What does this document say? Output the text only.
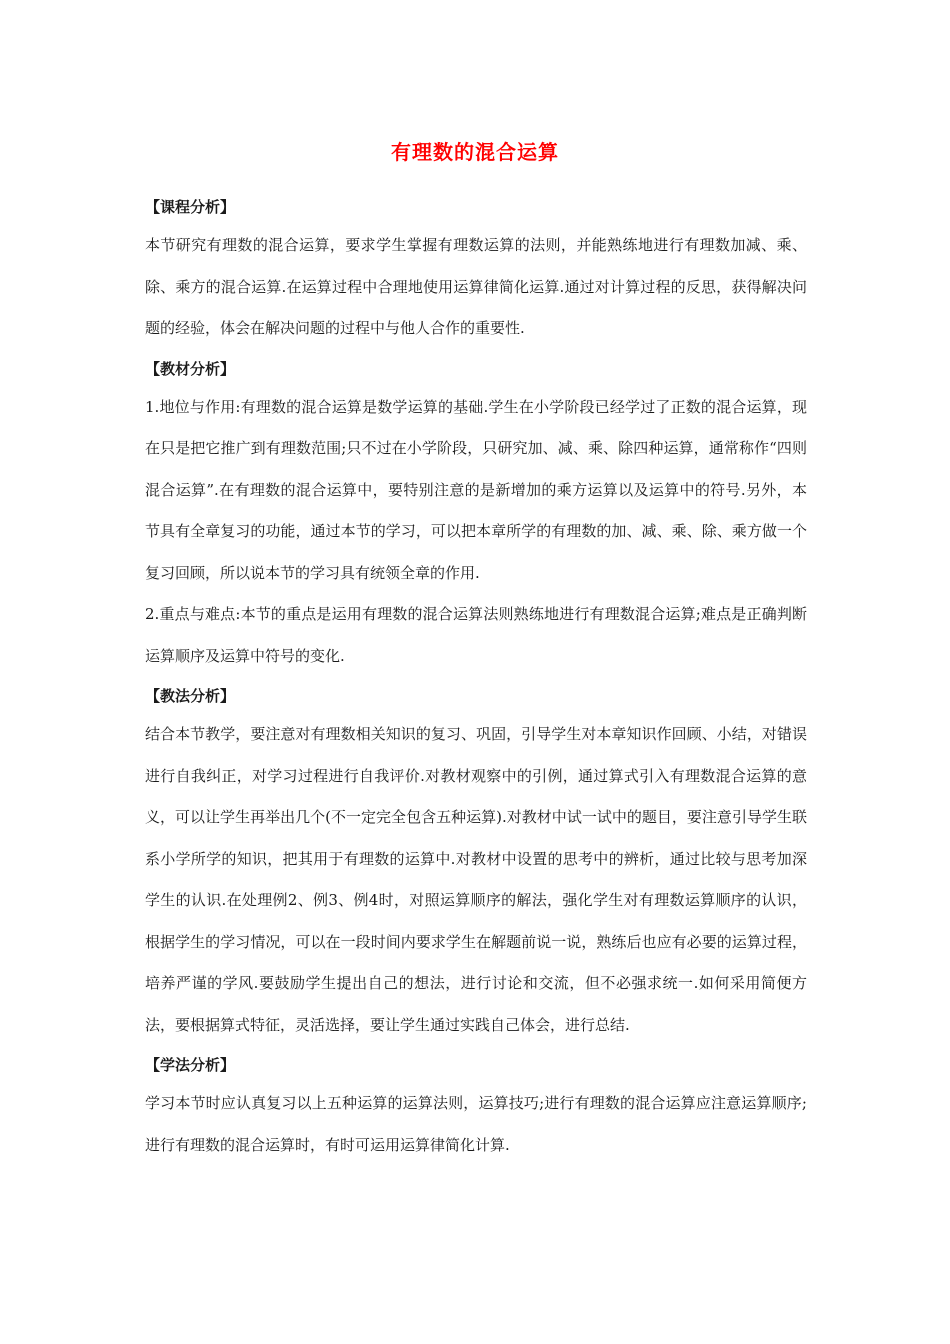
有理数的混合运算

【课程分析】

本节研究有理数的混合运算，要求学生掌握有理数运算的法则，并能熟练地进行有理数加减、乘、除、乘方的混合运算.在运算过程中合理地使用运算律简化运算.通过对计算过程的反思，获得解决问题的经验，体会在解决问题的过程中与他人合作的重要性.

【教材分析】

1.地位与作用:有理数的混合运算是数学运算的基础.学生在小学阶段已经学过了正数的混合运算，现在只是把它推广到有理数范围;只不过在小学阶段，只研究加、减、乘、除四种运算，通常称作“四则混合运算”.在有理数的混合运算中，要特别注意的是新增加的乘方运算以及运算中的符号.另外，本节具有全章复习的功能，通过本节的学习，可以把本章所学的有理数的加、减、乘、除、乘方做一个复习回顾，所以说本节的学习具有统领全章的作用.

2.重点与难点:本节的重点是运用有理数的混合运算法则熟练地进行有理数混合运算;难点是正确判断运算顺序及运算中符号的变化.

【教法分析】

结合本节教学，要注意对有理数相关知识的复习、巩固，引导学生对本章知识作回顾、小结，对错误进行自我纠正，对学习过程进行自我评价.对教材观察中的引例，通过算式引入有理数混合运算的意义，可以让学生再举出几个(不一定完全包含五种运算).对教材中试一试中的题目，要注意引导学生联系小学所学的知识，把其用于有理数的运算中.对教材中设置的思考中的辨析，通过比较与思考加深学生的认识.在处理例2、例3、例4时，对照运算顺序的解法，强化学生对有理数运算顺序的认识，根据学生的学习情况，可以在一段时间内要求学生在解题前说一说，熟练后也应有必要的运算过程，培养严谨的学风.要鼓励学生提出自己的想法，进行讨论和交流，但不必强求统一.如何采用简便方法，要根据算式特征，灵活选择，要让学生通过实践自己体会，进行总结.

【学法分析】

学习本节时应认真复习以上五种运算的运算法则，运算技巧;进行有理数的混合运算应注意运算顺序;进行有理数的混合运算时，有时可运用运算律简化计算.
